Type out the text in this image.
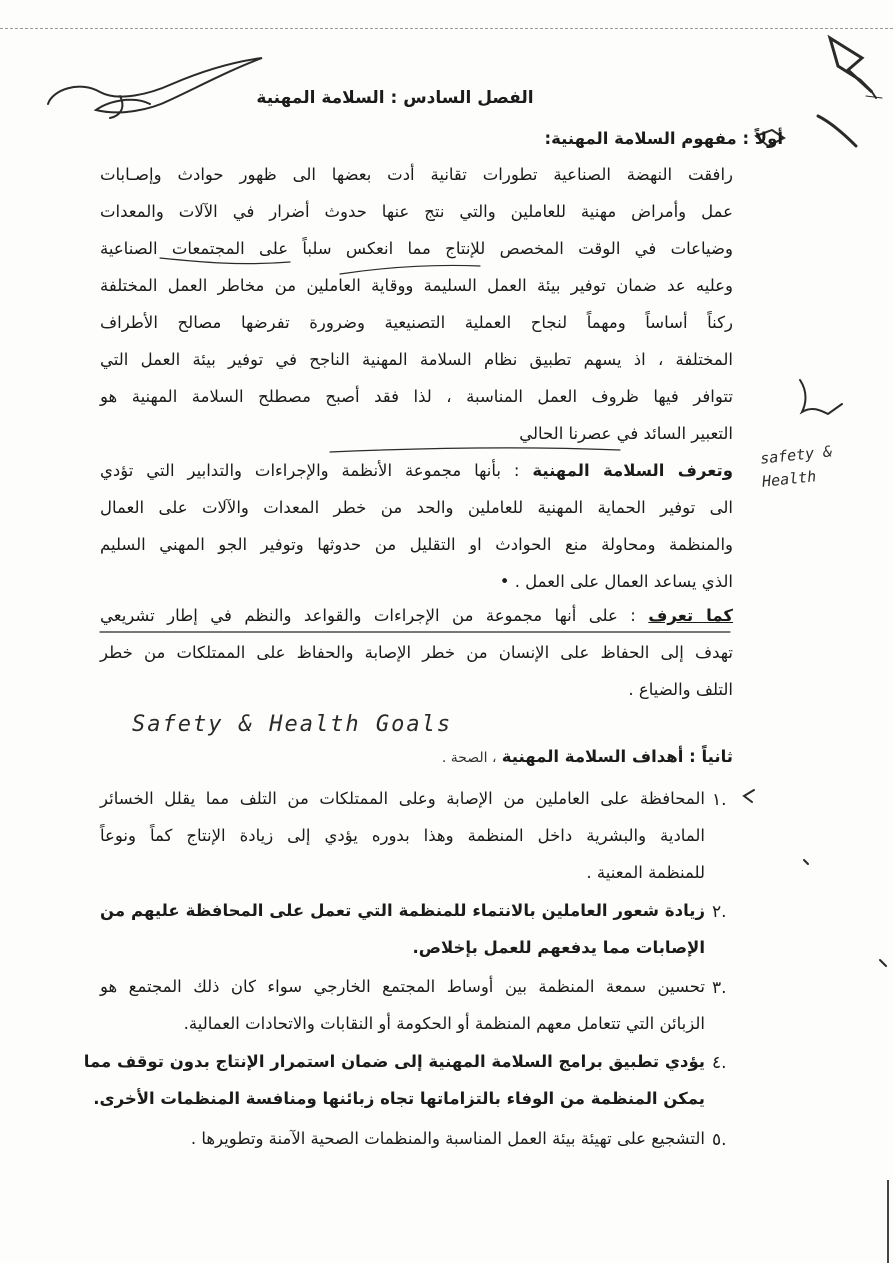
safety &
Health
Safety & Health Goals
الفصل السادس : السلامة المهنية
أولاً : مفهوم السلامة المهنية:
رافقت النهضة الصناعية تطورات تقانية أدت بعضها الى ظهور حوادث وإصـابات
عمل وأمراض مهنية للعاملين والتي نتج عنها حدوث أضرار في الآلات والمعدات
وضياعات في الوقت المخصص للإنتاج مما انعكس سلباً على المجتمعات الصناعية
وعليه عد ضمان توفير بيئة العمل السليمة ووقاية العاملين من مخاطر العمل المختلفة
ركناً أساساً ومهماً لنجاح العملية التصنيعية وضرورة تفرضها مصالح الأطراف
المختلفة ، اذ يسهم تطبيق نظام السلامة المهنية الناجح في توفير بيئة العمل التي
تتوافر فيها ظروف العمل المناسبة ، لذا فقد أصبح مصطلح السلامة المهنية هو
التعبير السائد في عصرنا الحالي
وتعرف السلامة المهنية : بأنها مجموعة الأنظمة والإجراءات والتدابير التي تؤدي
الى توفير الحماية المهنية للعاملين والحد من خطر المعدات والآلات على العمال
والمنظمة ومحاولة منع الحوادث او التقليل من حدوثها وتوفير الجو المهني السليم
الذي يساعد العمال على العمل . •
كما تعرف : على أنها مجموعة من الإجراءات والقواعد والنظم في إطار تشريعي
تهدف إلى الحفاظ على الإنسان من خطر الإصابة والحفاظ على الممتلكات من خطر
التلف والضياع .
ثانياً : أهداف السلامة المهنية ، الصحة .
١.
المحافظة على العاملين من الإصابة وعلى الممتلكات من التلف مما يقلل الخسائر
المادية والبشرية داخل المنظمة وهذا بدوره يؤدي إلى زيادة الإنتاج كماً ونوعاً
للمنظمة المعنية .
٢.
زيادة شعور العاملين بالانتماء للمنظمة التي تعمل على المحافظة عليهم من
الإصابات مما يدفعهم للعمل بإخلاص.
٣.
تحسين سمعة المنظمة بين أوساط المجتمع الخارجي سواء كان ذلك المجتمع هو
الزبائن التي تتعامل معهم المنظمة أو الحكومة أو النقابات والاتحادات العمالية.
٤.
يؤدي تطبيق برامج السلامة المهنية إلى ضمان استمرار الإنتاج بدون توقف مما
يمكن المنظمة من الوفاء بالتزاماتها تجاه زبائنها ومنافسة المنظمات الأخرى.
٥.
التشجيع على تهيئة بيئة العمل المناسبة والمنظمات الصحية الآمنة وتطويرها .
